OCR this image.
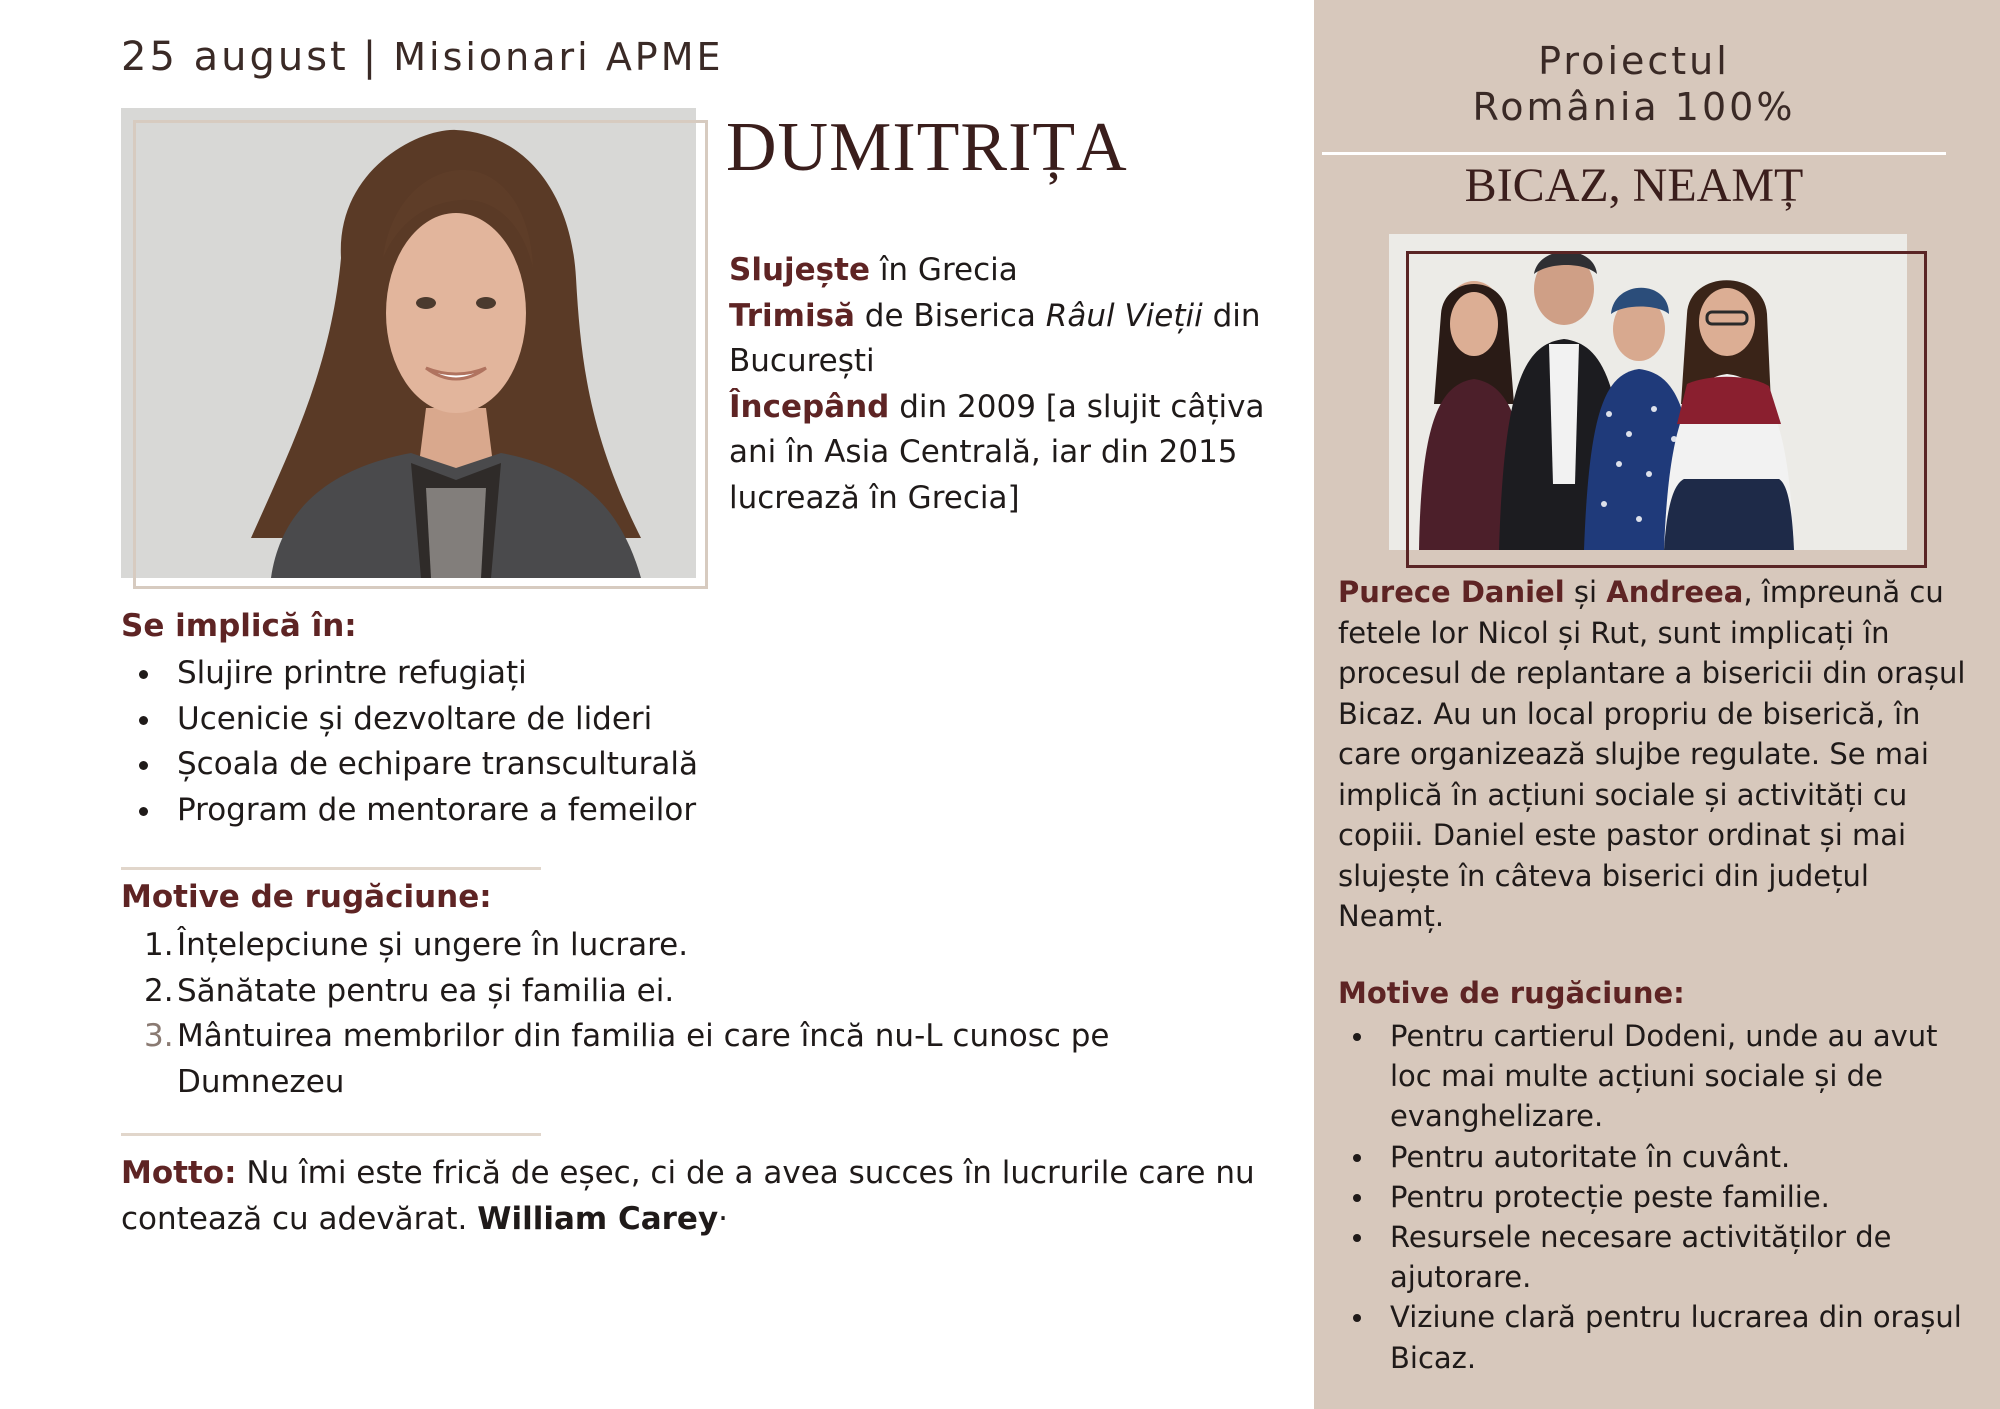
25 august | Misionari APME
DUMITRIȚA
Slujește în Grecia
Trimisă de Biserica Râul Vieții din București
Începând din 2009 [a slujit câțiva ani în Asia Centrală, iar din 2015 lucrează în Grecia]
Se implică în:
Slujire printre refugiați
Ucenicie și dezvoltare de lideri
Școala de echipare transculturală
Program de mentorare a femeilor
Motive de rugăciune:
1. Înțelepciune și ungere în lucrare.
2. Sănătate pentru ea și familia ei.
3. Mântuirea membrilor din familia ei care încă nu-L cunosc pe Dumnezeu
Motto: Nu îmi este frică de eșec, ci de a avea succes în lucrurile care nu contează cu adevărat. William Carey·
Proiectul
România 100%
BICAZ, NEAMȚ
Purece Daniel și Andreea, împreună cu fetele lor Nicol și Rut, sunt implicați în procesul de replantare a bisericii din orașul Bicaz. Au un local propriu de biserică, în care organizează slujbe regulate. Se mai implică în acțiuni sociale și activități cu copiii. Daniel este pastor ordinat și mai slujește în câteva biserici din județul Neamț.
Motive de rugăciune:
Pentru cartierul Dodeni, unde au avut loc mai multe acțiuni sociale și de evanghelizare.
Pentru autoritate în cuvânt.
Pentru protecție peste familie.
Resursele necesare activităților de ajutorare.
Viziune clară pentru lucrarea din orașul Bicaz.
